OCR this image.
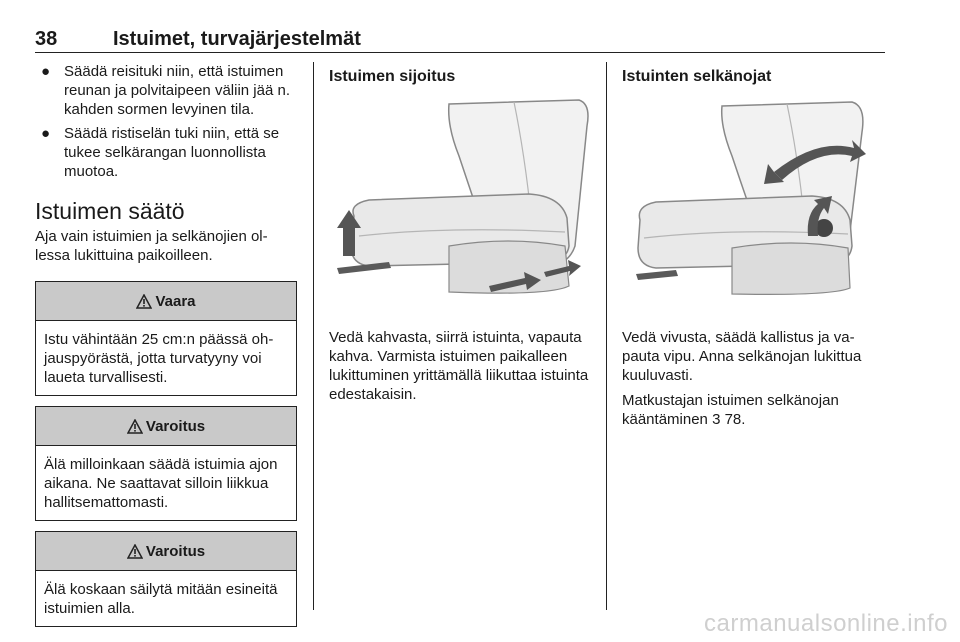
38	Istuimet, turvajärjestelmät
● Säädä reisituki niin, että istuimen reunan ja polvitaipeen väliin jää n. kahden sormen levyinen tila.
● Säädä ristiselän tuki niin, että se tukee selkärangan luonnollista muotoa.
Istuimen säätö

Aja vain istuimien ja selkänojien ollessa lukittuina paikoilleen.

Vaara
Istu vähintään 25 cm:n päässä ohjauspyörästä, jotta turvatyyny voi laueta turvallisesti.
Varoitus
Älä milloinkaan säädä istuimia ajon aikana. Ne saattavat silloin liikkua hallitsemattomasti.
Varoitus
Älä koskaan säilytä mitään esineitä istuimien alla.
Istuimen sijoitus

Vedä kahvasta, siirrä istuinta, vapauta kahva. Varmista istuimen paikalleen lukittuminen yrittämällä liikuttaa istuinta edestakaisin.

Istuinten selkänojat

Vedä vivusta, säädä kallistus ja vapauta vipu. Anna selkänojan lukittua kuuluvasti.

Matkustajan istuimen selkänojan kääntäminen 3 78.

carmanualsonline.info
